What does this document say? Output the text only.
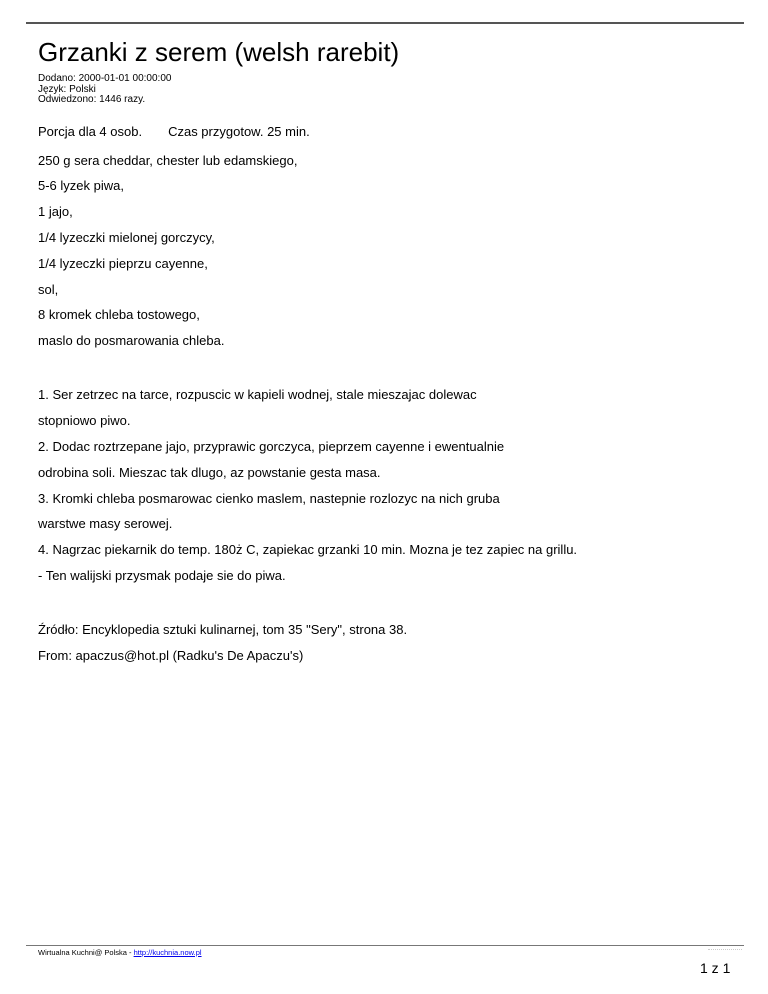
Grzanki z serem (welsh rarebit)
Dodano: 2000-01-01 00:00:00
Język: Polski
Odwiedzono: 1446 razy.
Porcja dla 4 osob. Czas przygotow. 25 min.
250 g sera cheddar, chester lub edamskiego,
5-6 lyzek piwa,
1 jajo,
1/4 lyzeczki mielonej gorczycy,
1/4 lyzeczki pieprzu cayenne,
sol,
8 kromek chleba tostowego,
maslo do posmarowania chleba.
1. Ser zetrzec na tarce, rozpuscic w kapieli wodnej, stale mieszajac dolewac
stopniowo piwo.
2. Dodac roztrzepane jajo, przyprawic gorczyca, pieprzem cayenne i ewentualnie
odrobina soli. Mieszac tak dlugo, az powstanie gesta masa.
3. Kromki chleba posmarowac cienko maslem, nastepnie rozlozyc na nich gruba
warstwe masy serowej.
4. Nagrzac piekarnik do temp. 180ż C, zapiekac grzanki 10 min. Mozna je tez zapiec na grillu.
- Ten walijski przysmak podaje sie do piwa.
Źródło: Encyklopedia sztuki kulinarnej, tom 35 "Sery", strona 38.
From: apaczus@hot.pl (Radku's De Apaczu's)
Wirtualna Kuchni@ Polska - http://kuchnia.now.pl
1 z 1
